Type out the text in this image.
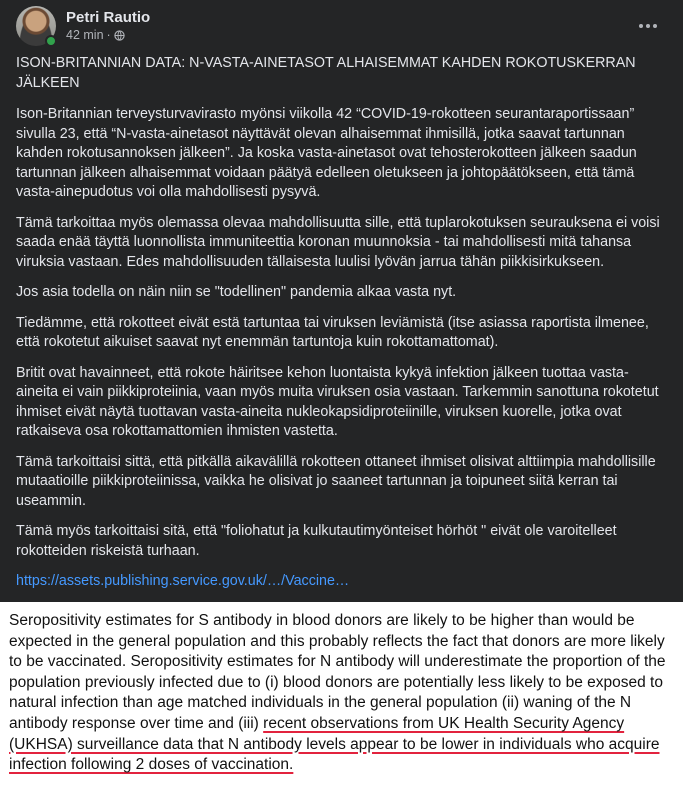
Petri Rautio
42 min ·

ISON-BRITANNIAN DATA: N-VASTA-AINETASOT ALHAISEMMAT KAHDEN ROKOTUSKERRAN JÄLKEEN

Ison-Britannian terveysturvavirasto myönsi viikolla 42 “COVID-19-rokotteen seurantaraportissaan” sivulla 23, että “N-vasta-ainetasot näyttävät olevan alhaisemmat ihmisillä, jotka saavat tartunnan kahden rokotusannoksen jälkeen”. Ja koska vasta-ainetasot ovat tehosterokotteen jälkeen saadun tartunnan jälkeen alhaisemmat voidaan päätyä edelleen oletukseen ja johtopäätökseen, että tämä vasta-ainepudotus voi olla mahdollisesti pysyvä.

Tämä tarkoittaa myös olemassa olevaa mahdollisuutta sille, että tuplarokotuksen seurauksena ei voisi saada enää täyttä luonnollista immuniteettia koronan muunnoksia - tai mahdollisesti mitä tahansa viruksia vastaan. Edes mahdollisuuden tällaisesta luulisi lyövän jarrua tähän piikkisirkukseen.

Jos asia todella on näin niin se "todellinen" pandemia alkaa vasta nyt.

Tiedämme, että rokotteet eivät estä tartuntaa tai viruksen leviämistä (itse asiassa raportista ilmenee, että rokotetut aikuiset saavat nyt enemmän tartuntoja kuin rokottamattomat).

Britit ovat havainneet, että rokote häiritsee kehon luontaista kykyä infektion jälkeen tuottaa vasta-aineita ei vain piikkiproteiinia, vaan myös muita viruksen osia vastaan. Tarkemmin sanottuna rokotetut ihmiset eivät näytä tuottavan vasta-aineita nukleokapsidiproteiinille, viruksen kuorelle, jotka ovat ratkaiseva osa rokottamattomien ihmisten vastetta.

Tämä tarkoittaisi sittä, että pitkällä aikavälillä rokotteen ottaneet ihmiset olisivat alttiimpia mahdollisille mutaatioille piikkiproteiinissa, vaikka he olisivat jo saaneet tartunnan ja toipuneet siitä kerran tai useammin.

Tämä myös tarkoittaisi sitä, että "foliohatut ja kulkutautimyönteiset hörhöt " eivät ole varoitelleet rokotteiden riskeistä turhaan.

https://assets.publishing.service.gov.uk/…/Vaccine…
Seropositivity estimates for S antibody in blood donors are likely to be higher than would be expected in the general population and this probably reflects the fact that donors are more likely to be vaccinated. Seropositivity estimates for N antibody will underestimate the proportion of the population previously infected due to (i) blood donors are potentially less likely to be exposed to natural infection than age matched individuals in the general population (ii) waning of the N antibody response over time and (iii) recent observations from UK Health Security Agency (UKHSA) surveillance data that N antibody levels appear to be lower in individuals who acquire infection following 2 doses of vaccination.
